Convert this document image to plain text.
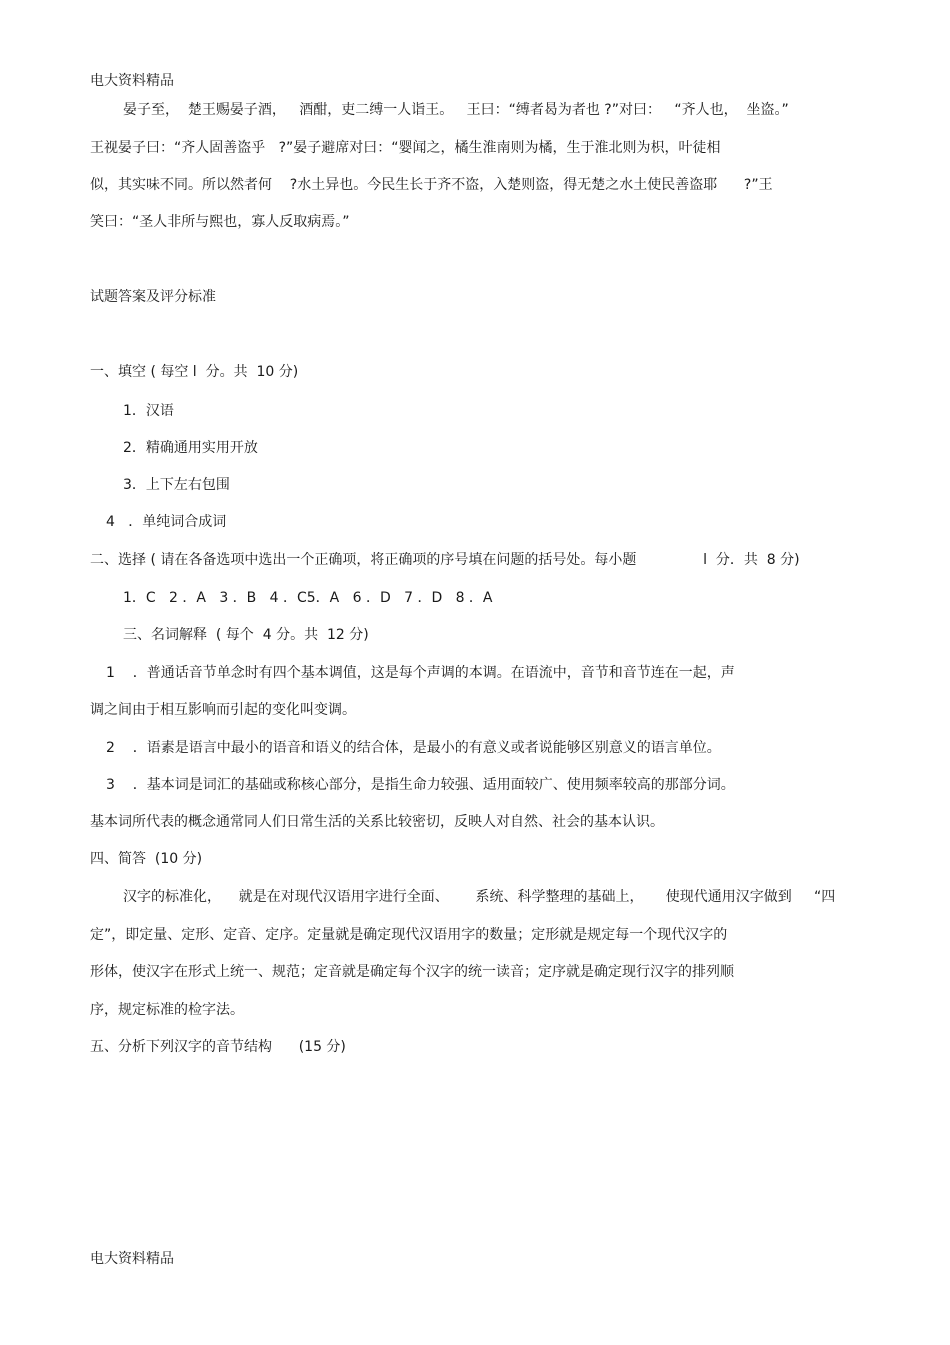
电大资料精品
晏子至，  楚王赐晏子酒，   酒酣，吏二缚一人诣王。   王曰：“缚者曷为者也 ?”对曰：   “齐人也，  坐盗。”
王视晏子曰：“齐人固善盗乎   ?”晏子避席对曰：“婴闻之，橘生淮南则为橘，生于淮北则为枳，叶徒相
似，其实味不同。所以然者何    ?水土异也。今民生长于齐不盗，入楚则盗，得无楚之水土使民善盗耶      ?”王
笑曰：“圣人非所与熙也，寡人反取病焉。”
试题答案及评分标准
一、填空 ( 每空 l  分。共  10 分)
1．汉语
2．精确通用实用开放
3．上下左右包围
4   ．单纯词合成词
二、选择 ( 请在各备选项中选出一个正确项，将正确项的序号填在问题的括号处。每小题               l  分．共  8 分)
1．C   2 ．A   3 ．B   4 ．C5．A   6 ．D   7 ．D   8 ．A
三、名词解释  ( 每个  4 分。共  12 分)
1    ．普通话音节单念时有四个基本调值，这是每个声调的本调。在语流中，音节和音节连在一起，声
调之间由于相互影响而引起的变化叫变调。
2    ．语素是语言中最小的语音和语义的结合体，是最小的有意义或者说能够区别意义的语言单位。
3    ．基本词是词汇的基础或称核心部分，是指生命力较强、适用面较广、使用频率较高的那部分词。
基本词所代表的概念通常同人们日常生活的关系比较密切，反映人对自然、社会的基本认识。
四、简答  (10 分)
汉字的标准化，    就是在对现代汉语用字进行全面、      系统、科学整理的基础上，     使现代通用汉字做到     “四
定”，即定量、定形、定音、定序。定量就是确定现代汉语用字的数量；定形就是规定每一个现代汉字的
形体，使汉字在形式上统一、规范；定音就是确定每个汉字的统一读音；定序就是确定现行汉字的排列顺
序，规定标准的检字法。
五、分析下列汉字的音节结构      (15 分)
电大资料精品
